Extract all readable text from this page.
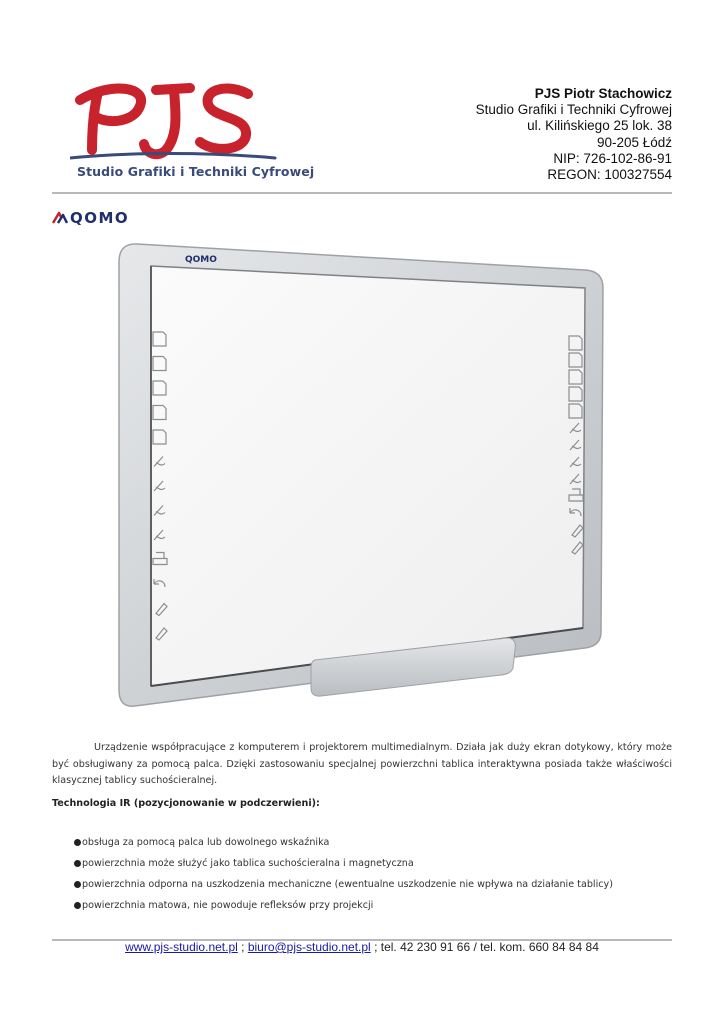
Studio Grafiki i Techniki Cyfrowej
PJS Piotr Stachowicz
Studio Grafiki i Techniki Cyfrowej
ul. Kilińskiego 25 lok. 38
90-205 Łódź
NIP: 726-102-86-91
REGON: 100327554
QOMO
QOMO

Urządzenie współpracujące z komputerem i projektorem multimedialnym. Działa jak duży ekran dotykowy, który może być obsługiwany za pomocą palca. Dzięki zastosowaniu specjalnej powierzchni tablica interaktywna posiada także właściwości klasycznej tablicy suchościeralnej.

Technologia IR (pozycjonowanie w podczerwieni):
obsługa za pomocą palca lub dowolnego wskaźnika
powierzchnia może służyć jako tablica suchościeralna i magnetyczna
powierzchnia odporna na uszkodzenia mechaniczne (ewentualne uszkodzenie nie wpływa na działanie tablicy)
powierzchnia matowa, nie powoduje refleksów przy projekcji
www.pjs-studio.net.pl ; biuro@pjs-studio.net.pl ; tel. 42 230 91 66 / tel. kom. 660 84 84 84
